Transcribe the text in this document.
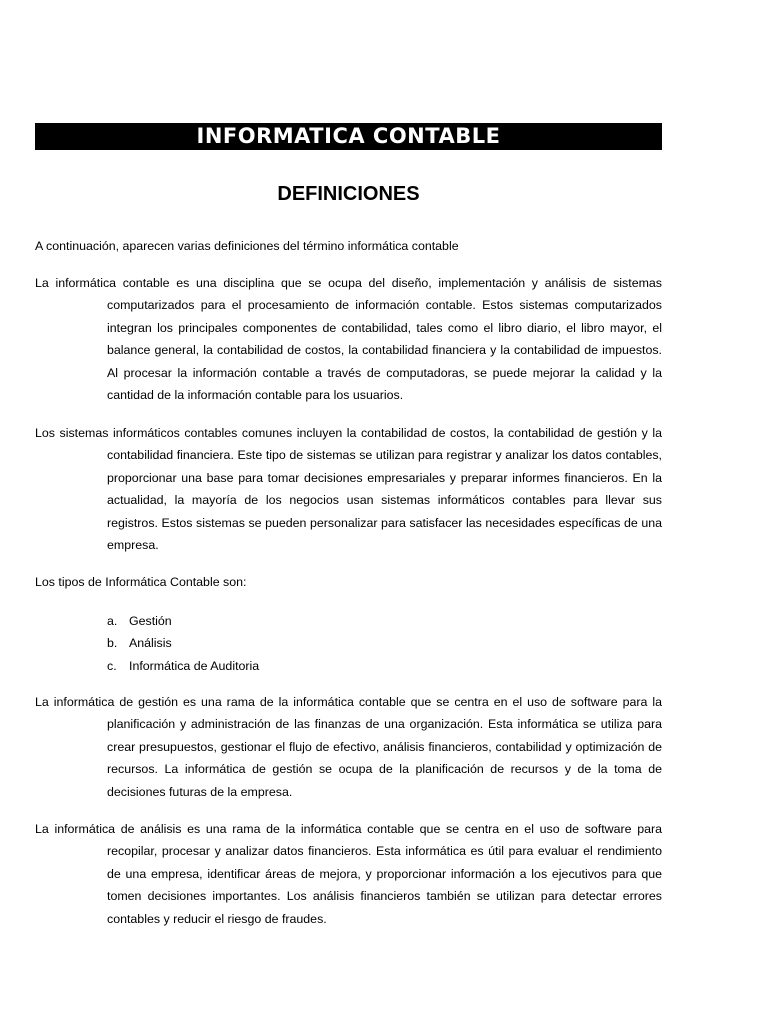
INFORMATICA CONTABLE
DEFINICIONES
A continuación, aparecen varias definiciones del término informática contable

La informática contable es una disciplina que se ocupa del diseño, implementación y análisis de sistemas computarizados para el procesamiento de información contable. Estos sistemas computarizados integran los principales componentes de contabilidad, tales como el libro diario, el libro mayor, el balance general, la contabilidad de costos, la contabilidad financiera y la contabilidad de impuestos. Al procesar la información contable a través de computadoras, se puede mejorar la calidad y la cantidad de la información contable para los usuarios.

Los sistemas informáticos contables comunes incluyen la contabilidad de costos, la contabilidad de gestión y la contabilidad financiera. Este tipo de sistemas se utilizan para registrar y analizar los datos contables, proporcionar una base para tomar decisiones empresariales y preparar informes financieros. En la actualidad, la mayoría de los negocios usan sistemas informáticos contables para llevar sus registros. Estos sistemas se pueden personalizar para satisfacer las necesidades específicas de una empresa.

Los tipos de Informática Contable son:

a. Gestión
b. Análisis
c. Informática de Auditoria

La informática de gestión es una rama de la informática contable que se centra en el uso de software para la planificación y administración de las finanzas de una organización. Esta informática se utiliza para crear presupuestos, gestionar el flujo de efectivo, análisis financieros, contabilidad y optimización de recursos. La informática de gestión se ocupa de la planificación de recursos y de la toma de decisiones futuras de la empresa.

La informática de análisis es una rama de la informática contable que se centra en el uso de software para recopilar, procesar y analizar datos financieros. Esta informática es útil para evaluar el rendimiento de una empresa, identificar áreas de mejora, y proporcionar información a los ejecutivos para que tomen decisiones importantes. Los análisis financieros también se utilizan para detectar errores contables y reducir el riesgo de fraudes.
